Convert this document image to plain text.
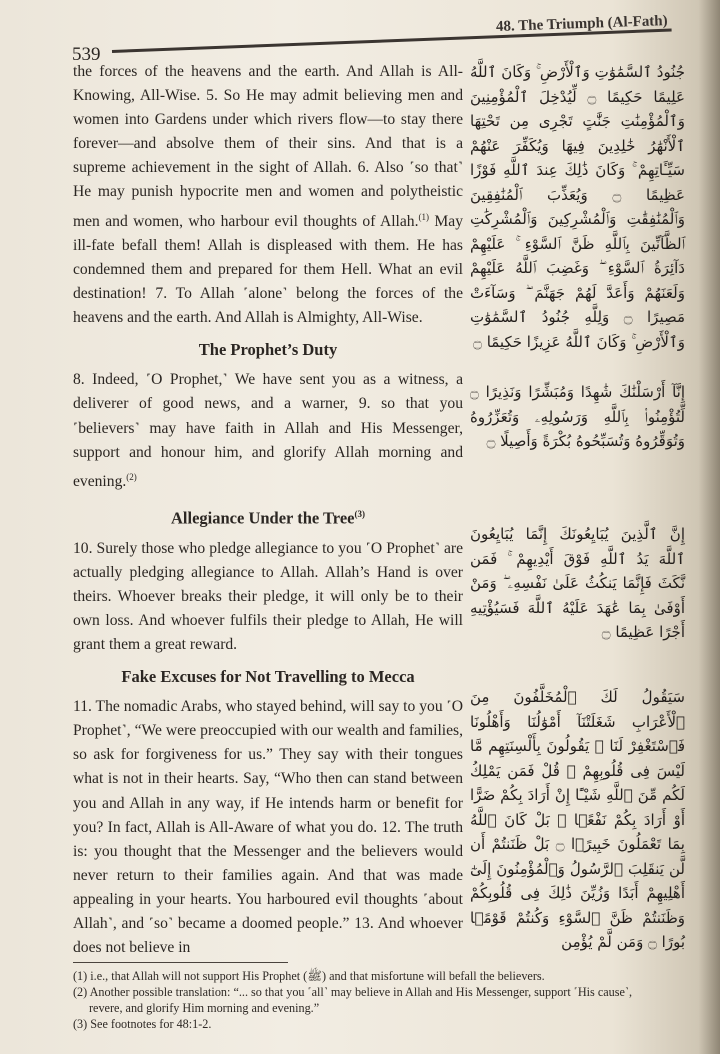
48. The Triumph (Al-Fath)
539

the forces of the heavens and the earth. And Allah is All-Knowing, All-Wise. 5. So He may admit believing men and women into Gardens under which rivers flow—to stay there forever—and absolve them of their sins. And that is a supreme achievement in the sight of Allah. 6. Also ˹so that˺ He may punish hypocrite men and women and polytheistic men and women, who harbour evil thoughts of Allah.$^{(1)}$ May ill-fate befall them! Allah is displeased with them. He has condemned them and prepared for them Hell. What an evil destination! 7. To Allah ˹alone˺ belong the forces of the heavens and the earth. And Allah is Almighty, All-Wise.

The Prophet’s Duty

8. Indeed, ˹O Prophet,˺ We have sent you as a witness, a deliverer of good news, and a warner, 9. so that you ˹believers˺ may have faith in Allah and His Messenger, support and honour him, and glorify Allah morning and evening.$^{(2)}$

Allegiance Under the Tree$^{(3)}$

10. Surely those who pledge allegiance to you ˹O Prophet˺ are actually pledging allegiance to Allah. Allah’s Hand is over theirs. Whoever breaks their pledge, it will only be to their own loss. And whoever fulfils their pledge to Allah, He will grant them a great reward.

Fake Excuses for Not Travelling to Mecca

11. The nomadic Arabs, who stayed behind, will say to you ˹O Prophet˺, “We were preoccupied with our wealth and families, so ask for forgiveness for us.” They say with their tongues what is not in their hearts. Say, “Who then can stand between you and Allah in any way, if He intends harm or benefit for you? In fact, Allah is All-Aware of what you do. 12. The truth is: you thought that the Messenger and the believers would never return to their families again. And that was made appealing in your hearts. You harboured evil thoughts ˹about Allah˺, and ˹so˺ became a doomed people.” 13. And whoever does not believe in

جُنُودُ ٱلسَّمَٰوَٰتِ وَٱلْأَرْضِ ۚ وَكَانَ ٱللَّهُ عَلِيمًا حَكِيمًا ۝ لِّيُدْخِلَ ٱلْمُؤْمِنِينَ وَٱلْمُؤْمِنَٰتِ جَنَّٰتٍ تَجْرِى مِن تَحْتِهَا ٱلْأَنْهَٰرُ خَٰلِدِينَ فِيهَا وَيُكَفِّرَ عَنْهُمْ سَيِّـَٔاتِهِمْ ۚ وَكَانَ ذَٰلِكَ عِندَ ٱللَّهِ فَوْزًا عَظِيمًا ۝ وَيُعَذِّبَ ٱلْمُنَٰفِقِينَ وَٱلْمُنَٰفِقَٰتِ وَٱلْمُشْرِكِينَ وَٱلْمُشْرِكَٰتِ ٱلظَّآنِّينَ بِٱللَّهِ ظَنَّ ٱلسَّوْءِ ۚ عَلَيْهِمْ دَآئِرَةُ ٱلسَّوْءِ ۖ وَغَضِبَ ٱللَّهُ عَلَيْهِمْ وَلَعَنَهُمْ وَأَعَدَّ لَهُمْ جَهَنَّمَ ۖ وَسَآءَتْ مَصِيرًا ۝ وَلِلَّهِ جُنُودُ ٱلسَّمَٰوَٰتِ وَٱلْأَرْضِ ۚ وَكَانَ ٱللَّهُ عَزِيزًا حَكِيمًا ۝

إِنَّآ أَرْسَلْنَٰكَ شَٰهِدًا وَمُبَشِّرًا وَنَذِيرًا ۝ لِّتُؤْمِنُوا۟ بِٱللَّهِ وَرَسُولِهِۦ وَتُعَزِّرُوهُ وَتُوَقِّرُوهُ وَتُسَبِّحُوهُ بُكْرَةً وَأَصِيلًا ۝

إِنَّ ٱلَّذِينَ يُبَايِعُونَكَ إِنَّمَا يُبَايِعُونَ ٱللَّهَ يَدُ ٱللَّهِ فَوْقَ أَيْدِيهِمْ ۚ فَمَن نَّكَثَ فَإِنَّمَا يَنكُثُ عَلَىٰ نَفْسِهِۦ ۖ وَمَنْ أَوْفَىٰ بِمَا عَٰهَدَ عَلَيْهُ ٱللَّهَ فَسَيُؤْتِيهِ أَجْرًا عَظِيمًا ۝

سَيَقُولُ لَكَ ٱلْمُخَلَّفُونَ مِنَ ٱلْأَعْرَابِ شَغَلَتْنَآ أَمْوَٰلُنَا وَأَهْلُونَا فَٱسْتَغْفِرْ لَنَا ۚ يَقُولُونَ بِأَلْسِنَتِهِم مَّا لَيْسَ فِى قُلُوبِهِمْ ۚ قُلْ فَمَن يَمْلِكُ لَكُم مِّنَ ٱللَّهِ شَيْـًٔا إِنْ أَرَادَ بِكُمْ ضَرًّا أَوْ أَرَادَ بِكُمْ نَفْعًۢا ۚ بَلْ كَانَ ٱللَّهُ بِمَا تَعْمَلُونَ خَبِيرًۢا ۝ بَلْ ظَنَنتُمْ أَن لَّن يَنقَلِبَ ٱلرَّسُولُ وَٱلْمُؤْمِنُونَ إِلَىٰٓ أَهْلِيهِمْ أَبَدًا وَزُيِّنَ ذَٰلِكَ فِى قُلُوبِكُمْ وَظَنَنتُمْ ظَنَّ ٱلسَّوْءِ وَكُنتُمْ قَوْمًۢا بُورًا ۝ وَمَن لَّمْ يُؤْمِن

(1) i.e., that Allah will not support His Prophet (ﷺ) and that misfortune will befall the believers.

(2) Another possible translation: “... so that you ˹all˺ may believe in Allah and His Messenger, support ˹His cause˺,

revere, and glorify Him morning and evening.”

(3) See footnotes for 48:1-2.
